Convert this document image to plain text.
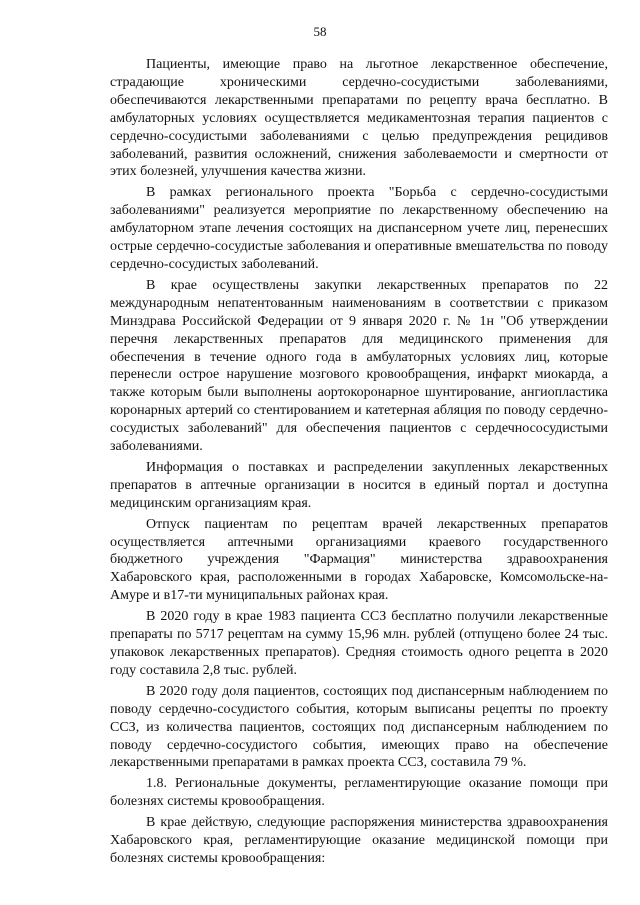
58

Пациенты, имеющие право на льготное лекарственное обеспечение, страдающие хроническими сердечно-сосудистыми заболеваниями, обеспечиваются лекарственными препаратами по рецепту врача бесплатно. В амбулаторных условиях осуществляется медикаментозная терапия пациентов с сердечно-сосудистыми заболеваниями с целью предупреждения рецидивов заболеваний, развития осложнений, снижения заболеваемости и смертности от этих болезней, улучшения качества жизни.

В рамках регионального проекта "Борьба с сердечно-сосудистыми заболеваниями" реализуется мероприятие по лекарственному обеспечению на амбулаторном этапе лечения состоящих на диспансерном учете лиц, перенесших острые сердечно-сосудистые заболевания и оперативные вмешательства по поводу сердечно-сосудистых заболеваний.

В крае осуществлены закупки лекарственных препаратов по 22 международным непатентованным наименованиям в соответствии с приказом Минздрава Российской Федерации от 9 января 2020 г. № 1н "Об утверждении перечня лекарственных препаратов для медицинского применения для обеспечения в течение одного года в амбулаторных условиях лиц, которые перенесли острое нарушение мозгового кровообращения, инфаркт миокарда, а также которым были выполнены аортокоронарное шунтирование, ангиопластика коронарных артерий со стентированием и катетерная абляция по поводу сердечно-сосудистых заболеваний" для обеспечения пациентов с сердечнососудистыми заболеваниями.

Информация о поставках и распределении закупленных лекарственных препаратов в аптечные организации в носится в единый портал и доступна медицинским организациям края.

Отпуск пациентам по рецептам врачей лекарственных препаратов осуществляется аптечными организациями краевого государственного бюджетного учреждения "Фармация" министерства здравоохранения Хабаровского края, расположенными в городах Хабаровске, Комсомольске-на-Амуре и в17-ти муниципальных районах края.

В 2020 году в крае 1983 пациента ССЗ бесплатно получили лекарственные препараты по 5717 рецептам на сумму 15,96 млн. рублей (отпущено более 24 тыс. упаковок лекарственных препаратов). Средняя стоимость одного рецепта в 2020 году составила 2,8 тыс. рублей.

В 2020 году доля пациентов, состоящих под диспансерным наблюдением по поводу сердечно-сосудистого события, которым выписаны рецепты по проекту ССЗ, из количества пациентов, состоящих под диспансерным наблюдением по поводу сердечно-сосудистого события, имеющих право на обеспечение лекарственными препаратами в рамках проекта ССЗ, составила 79 %.

1.8. Региональные документы, регламентирующие оказание помощи при болезнях системы кровообращения.

В крае действую, следующие распоряжения министерства здравоохранения Хабаровского края, регламентирующие оказание медицинской помощи при болезнях системы кровообращения:
